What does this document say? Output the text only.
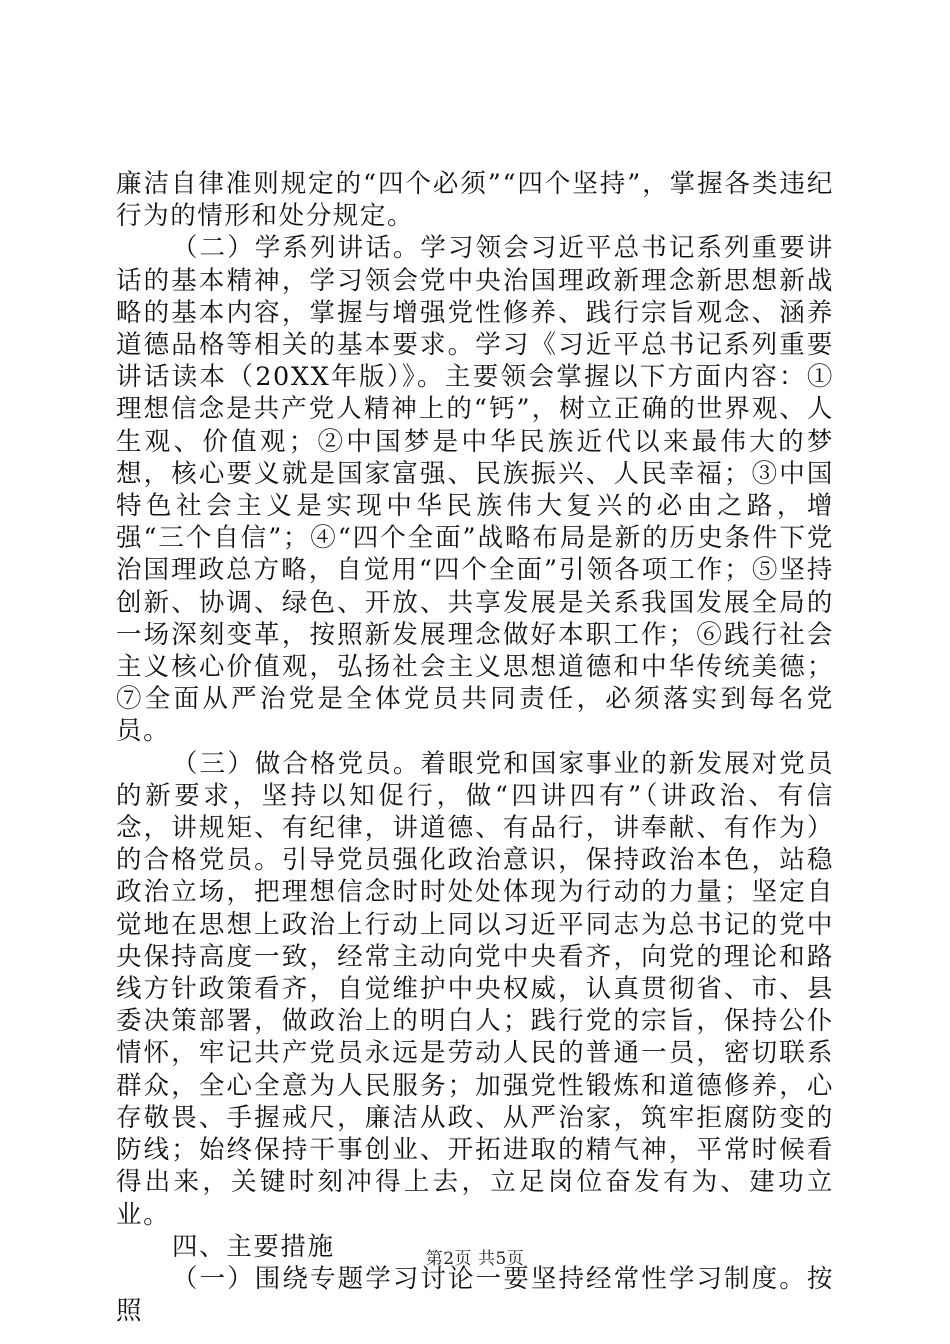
廉洁自律准则规定的“四个必须”“四个坚持”，掌握各类违纪行为的情形和处分规定。

（二）学系列讲话。学习领会习近平总书记系列重要讲话的基本精神，学习领会党中央治国理政新理念新思想新战略的基本内容，掌握与增强党性修养、践行宗旨观念、涵养道德品格等相关的基本要求。学习《习近平总书记系列重要讲话读本（20XX年版）》。主要领会掌握以下方面内容：①理想信念是共产党人精神上的“钙”，树立正确的世界观、人生观、价值观；②中国梦是中华民族近代以来最伟大的梦想，核心要义就是国家富强、民族振兴、人民幸福；③中国特色社会主义是实现中华民族伟大复兴的必由之路，增强“三个自信”；④“四个全面”战略布局是新的历史条件下党治国理政总方略，自觉用“四个全面”引领各项工作；⑤坚持创新、协调、绿色、开放、共享发展是关系我国发展全局的一场深刻变革，按照新发展理念做好本职工作；⑥践行社会主义核心价值观，弘扬社会主义思想道德和中华传统美德；⑦全面从严治党是全体党员共同责任，必须落实到每名党员。

（三）做合格党员。着眼党和国家事业的新发展对党员的新要求，坚持以知促行，做“四讲四有”（讲政治、有信念，讲规矩、有纪律，讲道德、有品行，讲奉献、有作为）的合格党员。引导党员强化政治意识，保持政治本色，站稳政治立场，把理想信念时时处处体现为行动的力量；坚定自觉地在思想上政治上行动上同以习近平同志为总书记的党中央保持高度一致，经常主动向党中央看齐，向党的理论和路线方针政策看齐，自觉维护中央权威，认真贯彻省、市、县委决策部署，做政治上的明白人；践行党的宗旨，保持公仆情怀，牢记共产党员永远是劳动人民的普通一员，密切联系群众，全心全意为人民服务；加强党性锻炼和道德修养，心存敬畏、手握戒尺，廉洁从政、从严治家，筑牢拒腐防变的防线；始终保持干事创业、开拓进取的精气神，平常时候看得出来，关键时刻冲得上去，立足岗位奋发有为、建功立业。

四、主要措施

（一）围绕专题学习讨论一要坚持经常性学习制度。按照

第2页 共5页
